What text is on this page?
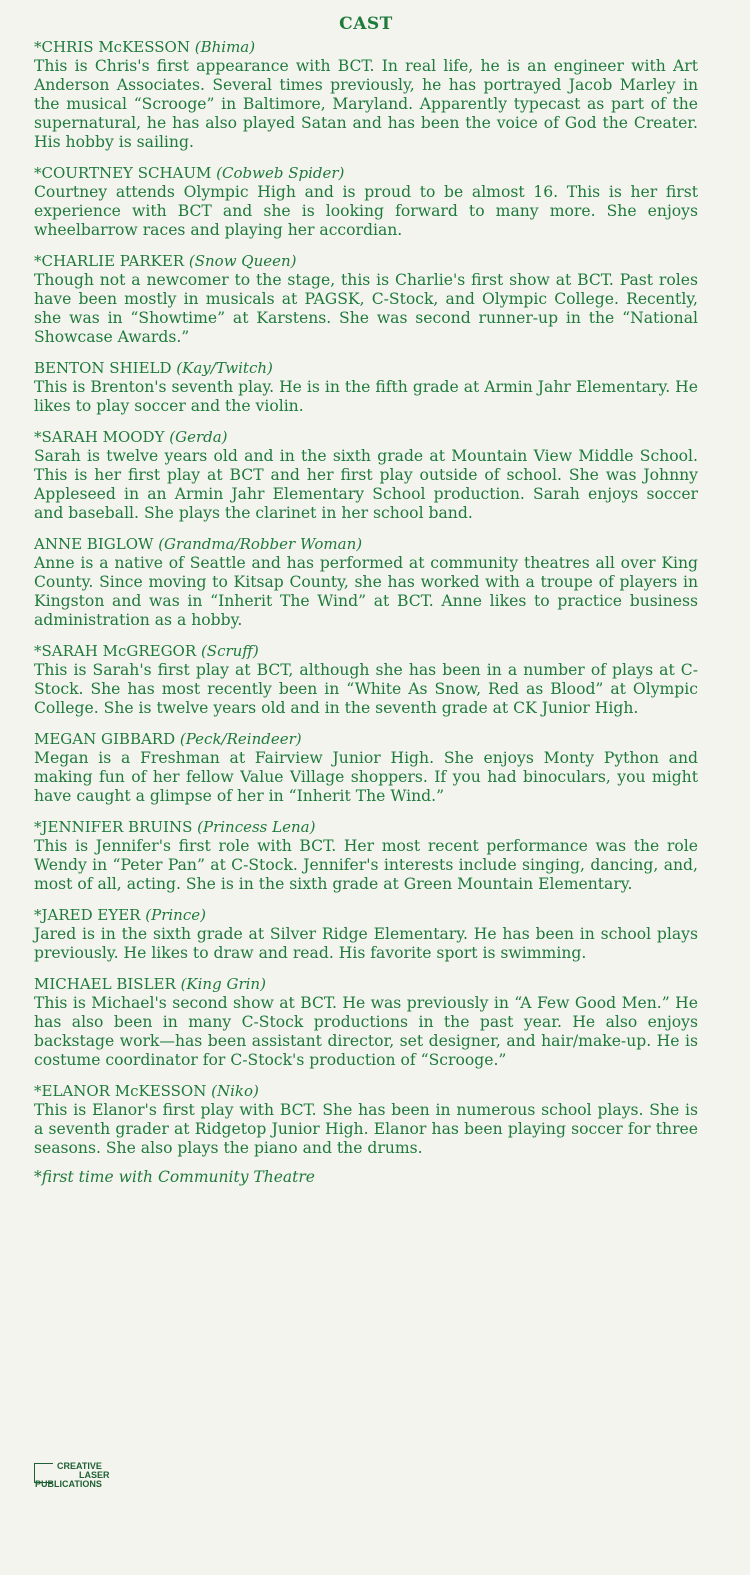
CAST
*CHRIS McKESSON (Bhima)
This is Chris's first appearance with BCT. In real life, he is an engineer with Art Anderson Associates. Several times previously, he has portrayed Jacob Marley in the musical “Scrooge” in Baltimore, Maryland. Apparently typecast as part of the supernatural, he has also played Satan and has been the voice of God the Creater. His hobby is sailing.
*COURTNEY SCHAUM (Cobweb Spider)
Courtney attends Olympic High and is proud to be almost 16. This is her first experience with BCT and she is looking forward to many more. She enjoys wheelbarrow races and playing her accordian.
*CHARLIE PARKER (Snow Queen)
Though not a newcomer to the stage, this is Charlie's first show at BCT. Past roles have been mostly in musicals at PAGSK, C-Stock, and Olympic College. Recently, she was in “Showtime” at Karstens. She was second runner-up in the “National Showcase Awards.”
BENTON SHIELD (Kay/Twitch)
This is Brenton's seventh play. He is in the fifth grade at Armin Jahr Elementary. He likes to play soccer and the violin.
*SARAH MOODY (Gerda)
Sarah is twelve years old and in the sixth grade at Mountain View Middle School. This is her first play at BCT and her first play outside of school. She was Johnny Appleseed in an Armin Jahr Elementary School production. Sarah enjoys soccer and baseball. She plays the clarinet in her school band.
ANNE BIGLOW (Grandma/Robber Woman)
Anne is a native of Seattle and has performed at community theatres all over King County. Since moving to Kitsap County, she has worked with a troupe of players in Kingston and was in “Inherit The Wind” at BCT. Anne likes to practice business administration as a hobby.
*SARAH McGREGOR (Scruff)
This is Sarah's first play at BCT, although she has been in a number of plays at C-Stock. She has most recently been in “White As Snow, Red as Blood” at Olympic College. She is twelve years old and in the seventh grade at CK Junior High.
MEGAN GIBBARD (Peck/Reindeer)
Megan is a Freshman at Fairview Junior High. She enjoys Monty Python and making fun of her fellow Value Village shoppers. If you had binoculars, you might have caught a glimpse of her in “Inherit The Wind.”
*JENNIFER BRUINS (Princess Lena)
This is Jennifer's first role with BCT. Her most recent performance was the role Wendy in “Peter Pan” at C-Stock. Jennifer's interests include singing, dancing, and, most of all, acting. She is in the sixth grade at Green Mountain Elementary.
*JARED EYER (Prince)
Jared is in the sixth grade at Silver Ridge Elementary. He has been in school plays previously. He likes to draw and read. His favorite sport is swimming.
MICHAEL BISLER (King Grin)
This is Michael's second show at BCT. He was previously in “A Few Good Men.” He has also been in many C-Stock productions in the past year. He also enjoys backstage work—has been assistant director, set designer, and hair/make-up. He is costume coordinator for C-Stock's production of “Scrooge.”
*ELANOR McKESSON (Niko)
This is Elanor's first play with BCT. She has been in numerous school plays. She is a seventh grader at Ridgetop Junior High. Elanor has been playing soccer for three seasons. She also plays the piano and the drums.
*first time with Community Theatre
CREATIVE
LASER
PUBLICATIONS
